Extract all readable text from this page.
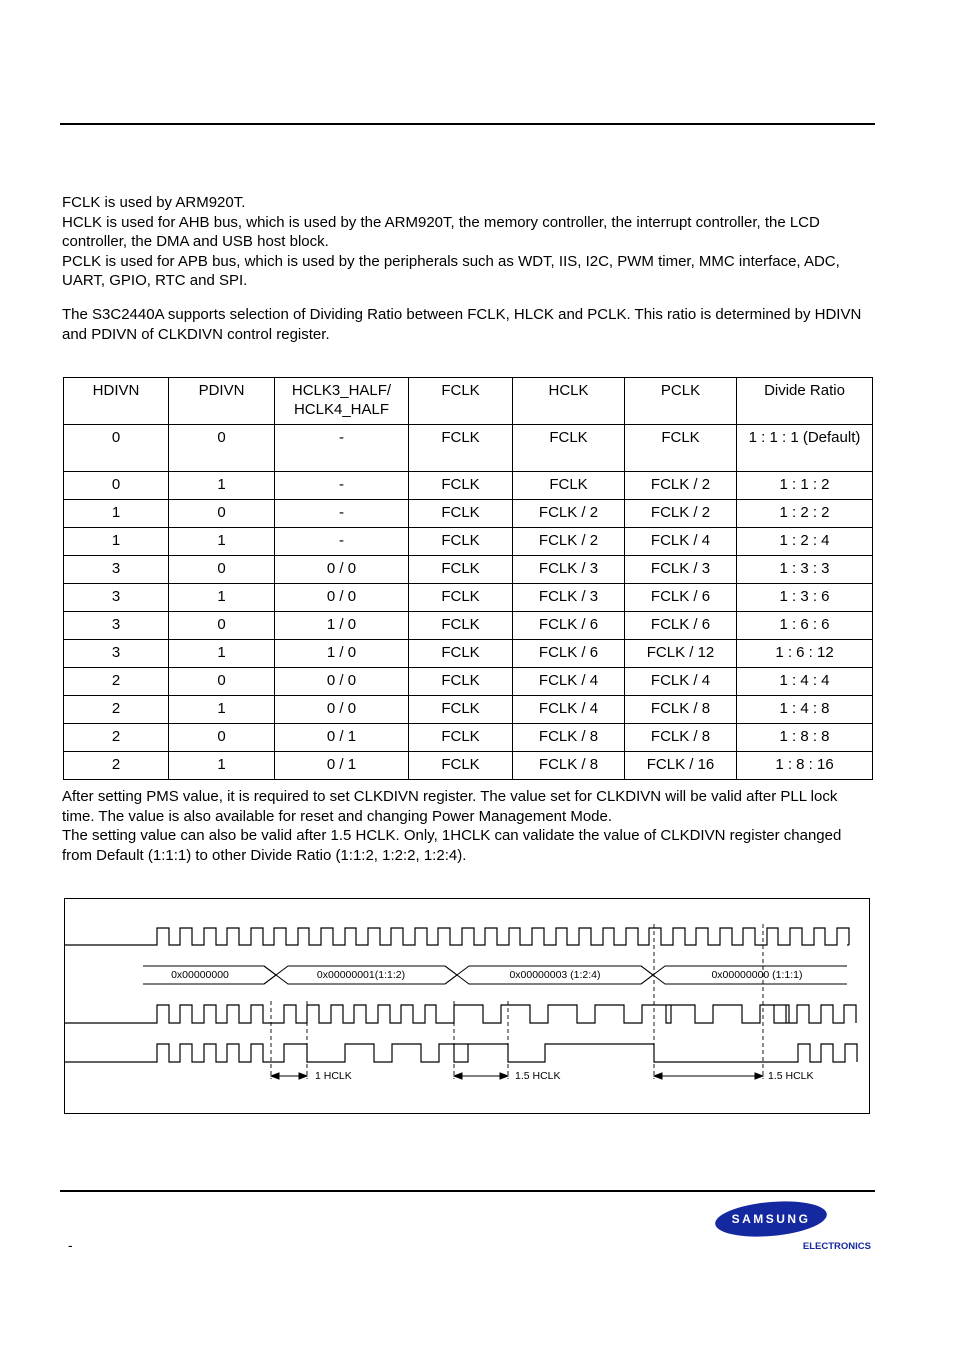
FCLK is used by ARM920T.

HCLK is used for AHB bus, which is used by the ARM920T, the memory controller, the interrupt controller, the LCD controller, the DMA and USB host block.

PCLK is used for APB bus, which is used by the peripherals such as WDT, IIS, I2C, PWM timer, MMC interface, ADC, UART, GPIO, RTC and SPI.

The S3C2440A supports selection of Dividing Ratio between FCLK, HLCK and PCLK. This ratio is determined by HDIVN and PDIVN of CLKDIVN control register.

HDIVN	PDIVN	HCLK3_HALF/ HCLK4_HALF	FCLK	HCLK	PCLK	Divide Ratio
0	0	-	FCLK	FCLK	FCLK	1 : 1 : 1 (Default)
0	1	-	FCLK	FCLK	FCLK / 2	1 : 1 : 2
1	0	-	FCLK	FCLK / 2	FCLK / 2	1 : 2 : 2
1	1	-	FCLK	FCLK / 2	FCLK / 4	1 : 2 : 4
3	0	0 / 0	FCLK	FCLK / 3	FCLK / 3	1 : 3 : 3
3	1	0 / 0	FCLK	FCLK / 3	FCLK / 6	1 : 3 : 6
3	0	1 / 0	FCLK	FCLK / 6	FCLK / 6	1 : 6 : 6
3	1	1 / 0	FCLK	FCLK / 6	FCLK / 12	1 : 6 : 12
2	0	0 / 0	FCLK	FCLK / 4	FCLK / 4	1 : 4 : 4
2	1	0 / 0	FCLK	FCLK / 4	FCLK / 8	1 : 4 : 8
2	0	0 / 1	FCLK	FCLK / 8	FCLK / 8	1 : 8 : 8
2	1	0 / 1	FCLK	FCLK / 8	FCLK / 16	1 : 8 : 16

After setting PMS value, it is required to set CLKDIVN register. The value set for CLKDIVN will be valid after PLL lock time. The value is also available for reset and changing Power Management Mode.

The setting value can also be valid after 1.5 HCLK. Only, 1HCLK can validate the value of CLKDIVN register changed from Default (1:1:1) to other Divide Ratio (1:1:2, 1:2:2, 1:2:4).

0x00000000	0x00000001(1:1:2)	0x00000003 (1:2:4)	0x00000000 (1:1:1)
1 HCLK	1.5 HCLK	1.5 HCLK
-
SAMSUNG
ELECTRONICS
